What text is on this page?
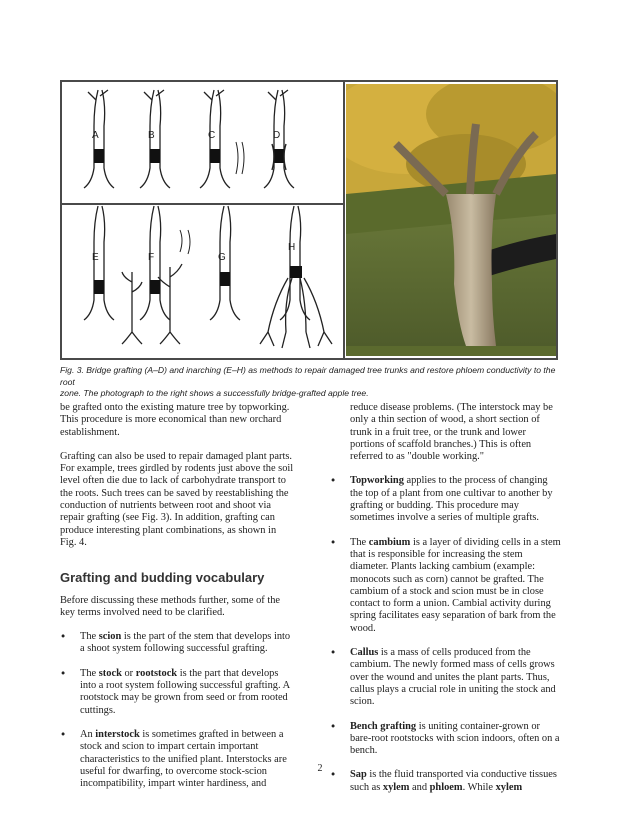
A	B	C	D
E	F	G
H

Fig. 3. Bridge grafting (A–D) and inarching (E–H) as methods to repair damaged tree trunks and restore phloem conductivity to the root

zone. The photograph to the right shows a successfully bridge-grafted apple tree.

be grafted onto the existing mature tree by topworking. This procedure is more economical than new orchard establishment.

Grafting can also be used to repair damaged plant parts. For example, trees girdled by rodents just above the soil level often die due to lack of carbohydrate transport to the roots. Such trees can be saved by reestablishing the conduction of nutrients between root and shoot via repair grafting (see Fig. 3). In addition, grafting can produce interesting plant combinations, as shown in Fig. 4.

Grafting and budding vocabulary

Before discussing these methods further, some of the key terms involved need to be clarified.

• The scion is the part of the stem that develops into a shoot system following successful grafting.
• The stock or rootstock is the part that develops into a root system following successful grafting. A rootstock may be grown from seed or from rooted cuttings.
• An interstock is sometimes grafted in between a stock and scion to impart certain important characteristics to the unified plant. Interstocks are useful for dwarfing, to overcome stock-scion incompatibility, impart winter hardiness, and
reduce disease problems. (The interstock may be only a thin section of wood, a short section of trunk in a fruit tree, or the trunk and lower portions of scaffold branches.) This is often referred to as "double working."
• Topworking applies to the process of changing the top of a plant from one cultivar to another by grafting or budding. This procedure may sometimes involve a series of multiple grafts.
• The cambium is a layer of dividing cells in a stem that is responsible for increasing the stem diameter. Plants lacking cambium (example: monocots such as corn) cannot be grafted. The cambium of a stock and scion must be in close contact to form a union. Cambial activity during spring facilitates easy separation of bark from the wood.
• Callus is a mass of cells produced from the cambium. The newly formed mass of cells grows over the wound and unites the plant parts. Thus, callus plays a crucial role in uniting the stock and scion.
• Bench grafting is uniting container-grown or bare-root rootstocks with scion indoors, often on a bench.
• Sap is the fluid transported via conductive tissues such as xylem and phloem. While xylem
2
